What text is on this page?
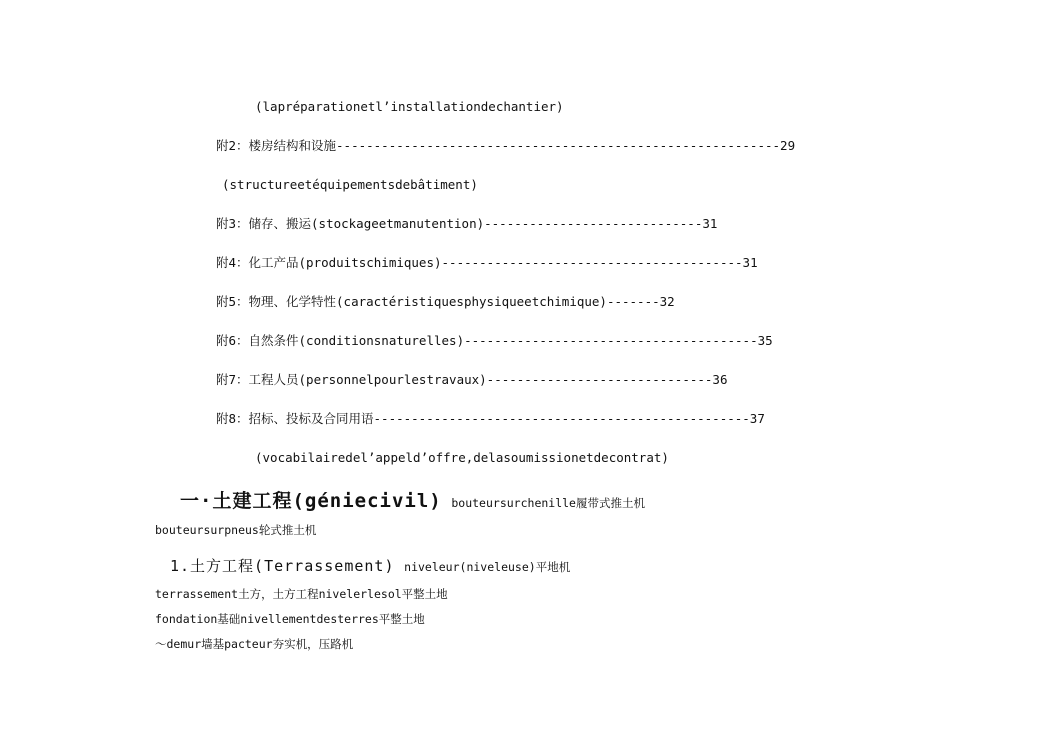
(lapréparationetl’installationdechantier)
附2：楼房结构和设施-----------------------------------------------------------29
(structureetéquipementsdebâtiment)
附3：储存、搬运(stockageetmanutention)-----------------------------31
附4：化工产品(produitschimiques)----------------------------------------31
附5：物理、化学特性(caractéristiquesphysiqueetchimique)-------32
附6：自然条件(conditionsnaturelles)---------------------------------------35
附7：工程人员(personnelpourlestravaux)------------------------------36
附8：招标、投标及合同用语--------------------------------------------------37
(vocabilairedel’appeld’offre,delasoumissionetdecontrat)
一·土建工程(géniecivil) bouteursurchenille履带式推土机
bouteursurpneus轮式推土机
1.土方工程(Terrassement) niveleur(niveleuse)平地机
terrassement土方，土方工程nivelerlesol平整土地
fondation基础nivellementdesterres平整土地
～demur墙基pacteur夯实机，压路机
